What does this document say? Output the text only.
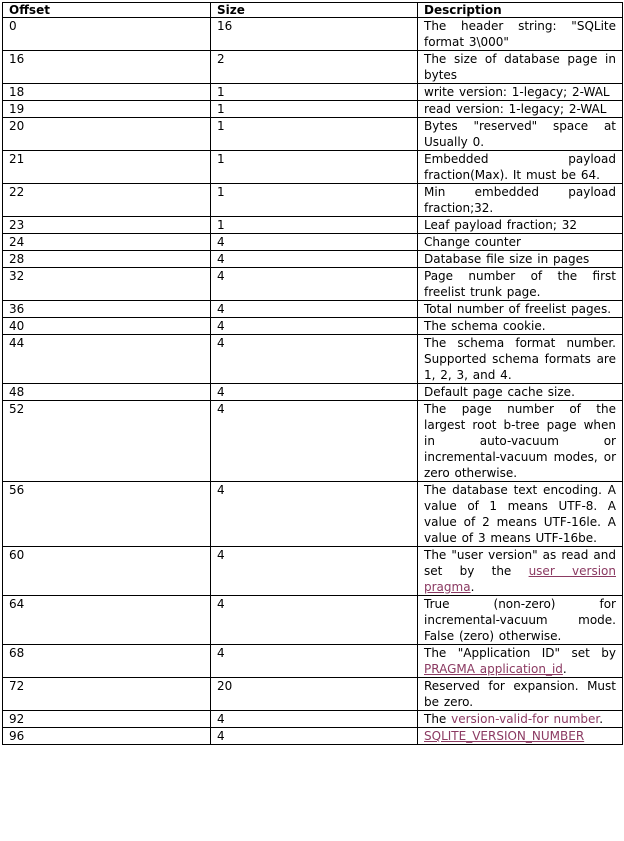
Offset	Size	Description
0	16	The header string: "SQLite format 3\000"
16	2	The size of database page in bytes
18	1	write version: 1-legacy; 2-WAL
19	1	read version: 1-legacy; 2-WAL
20	1	Bytes "reserved" space at Usually 0.
21	1	Embedded payload fraction(Max). It must be 64.
22	1	Min embedded payload fraction;32.
23	1	Leaf payload fraction; 32
24	4	Change counter
28	4	Database file size in pages
32	4	Page number of the first freelist trunk page.
36	4	Total number of freelist pages.
40	4	The schema cookie.
44	4	The schema format number. Supported schema formats are 1, 2, 3, and 4.
48	4	Default page cache size.
52	4	The page number of the largest root b-tree page when in auto-vacuum or incremental-vacuum modes, or zero otherwise.
56	4	The database text encoding. A value of 1 means UTF-8. A value of 2 means UTF-16le. A value of 3 means UTF-16be.
60	4	The "user version" as read and set by the user version pragma.
64	4	True (non-zero) for incremental-vacuum mode. False (zero) otherwise.
68	4	The "Application ID" set by PRAGMA application_id.
72	20	Reserved for expansion. Must be zero.
92	4	The version-valid-for number.
96	4	SQLITE_VERSION_NUMBER
